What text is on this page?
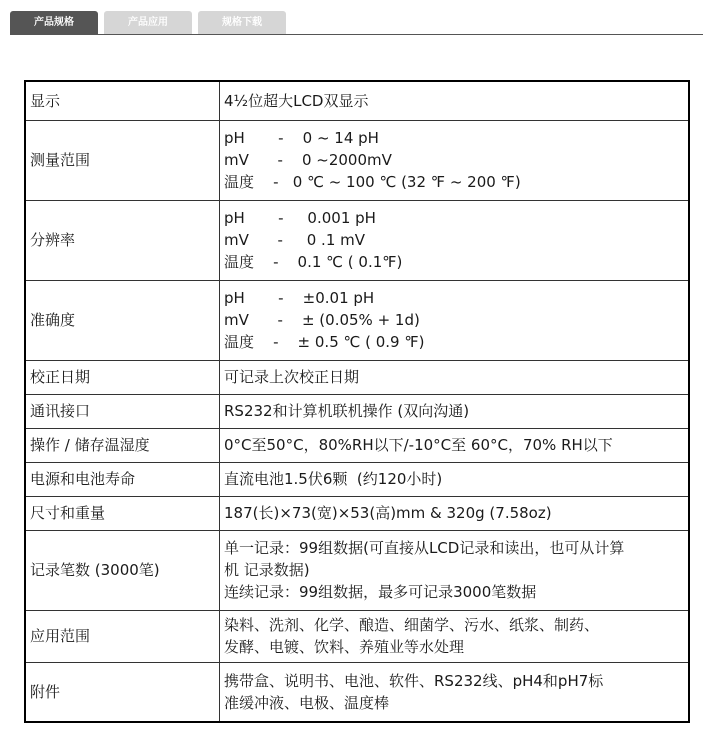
产品规格	产品应用	规格下载
显示	4½位超大LCD双显示

测量范围	pH       -    0 ~ 14 pH
mV      -    0 ~2000mV
温度    -   0 ℃ ~ 100 ℃ (32 ℉ ~ 200 ℉)

分辨率	pH       -     0.001 pH
mV      -     0 .1 mV
温度    -    0.1 ℃ ( 0.1℉)

准确度	pH       -    ±0.01 pH
mV      -    ± (0.05% + 1d)
温度    -    ± 0.5 ℃ ( 0.9 ℉)

校正日期	可记录上次校正日期

通讯接口	RS232和计算机联机操作 (双向沟通)

操作 / 储存温湿度	0°C至50°C，80%RH以下/-10°C至 60°C，70% RH以下

电源和电池寿命	直流电池1.5伏6颗  (约120小时)

尺寸和重量	187(长)×73(宽)×53(高)mm & 320g (7.58oz)

记录笔数 (3000笔)	单一记录：99组数据(可直接从LCD记录和读出，也可从计算
机 记录数据)
连续记录：99组数据，最多可记录3000笔数据

应用范围	染料、洗剂、化学、酿造、细菌学、污水、纸浆、制药、
发酵、电镀、饮料、养殖业等水处理

附件	携带盒、说明书、电池、软件、RS232线、pH4和pH7标
准缓冲液、电极、温度棒
